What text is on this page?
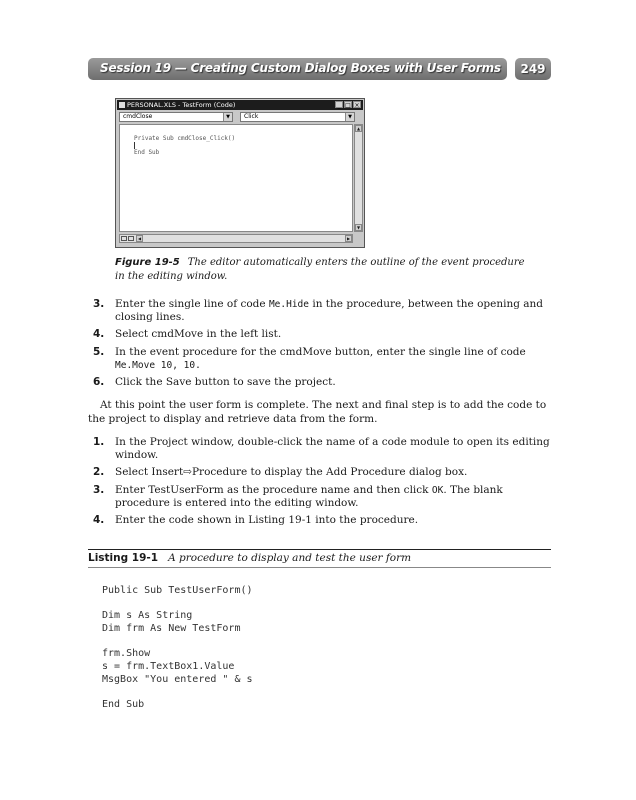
Session 19 — Creating Custom Dialog Boxes with User Forms	249
PERSONAL.XLS - TestForm (Code)	_ □ ×
cmdClose	▼	Click	▼
Private Sub cmdClose_Click()
End Sub
▲
▼
◀	▶
Figure 19-5 The editor automatically enters the outline of the event procedure in the editing window.
3. Enter the single line of code Me.Hide in the procedure, between the opening and closing lines.
4. Select cmdMove in the left list.
5. In the event procedure for the cmdMove button, enter the single line of code
Me.Move 10, 10.
6. Click the Save button to save the project.
At this point the user form is complete. The next and final step is to add the code to the project to display and retrieve data from the form.
1. In the Project window, double-click the name of a code module to open its editing window.
2. Select Insert⇨Procedure to display the Add Procedure dialog box.
3. Enter TestUserForm as the procedure name and then click OK. The blank procedure is entered into the editing window.
4. Enter the code shown in Listing 19-1 into the procedure.
Listing 19-1 A procedure to display and test the user form
Public Sub TestUserForm()
Dim s As String
Dim frm As New TestForm
frm.Show
s = frm.TextBox1.Value
MsgBox "You entered " & s
End Sub
